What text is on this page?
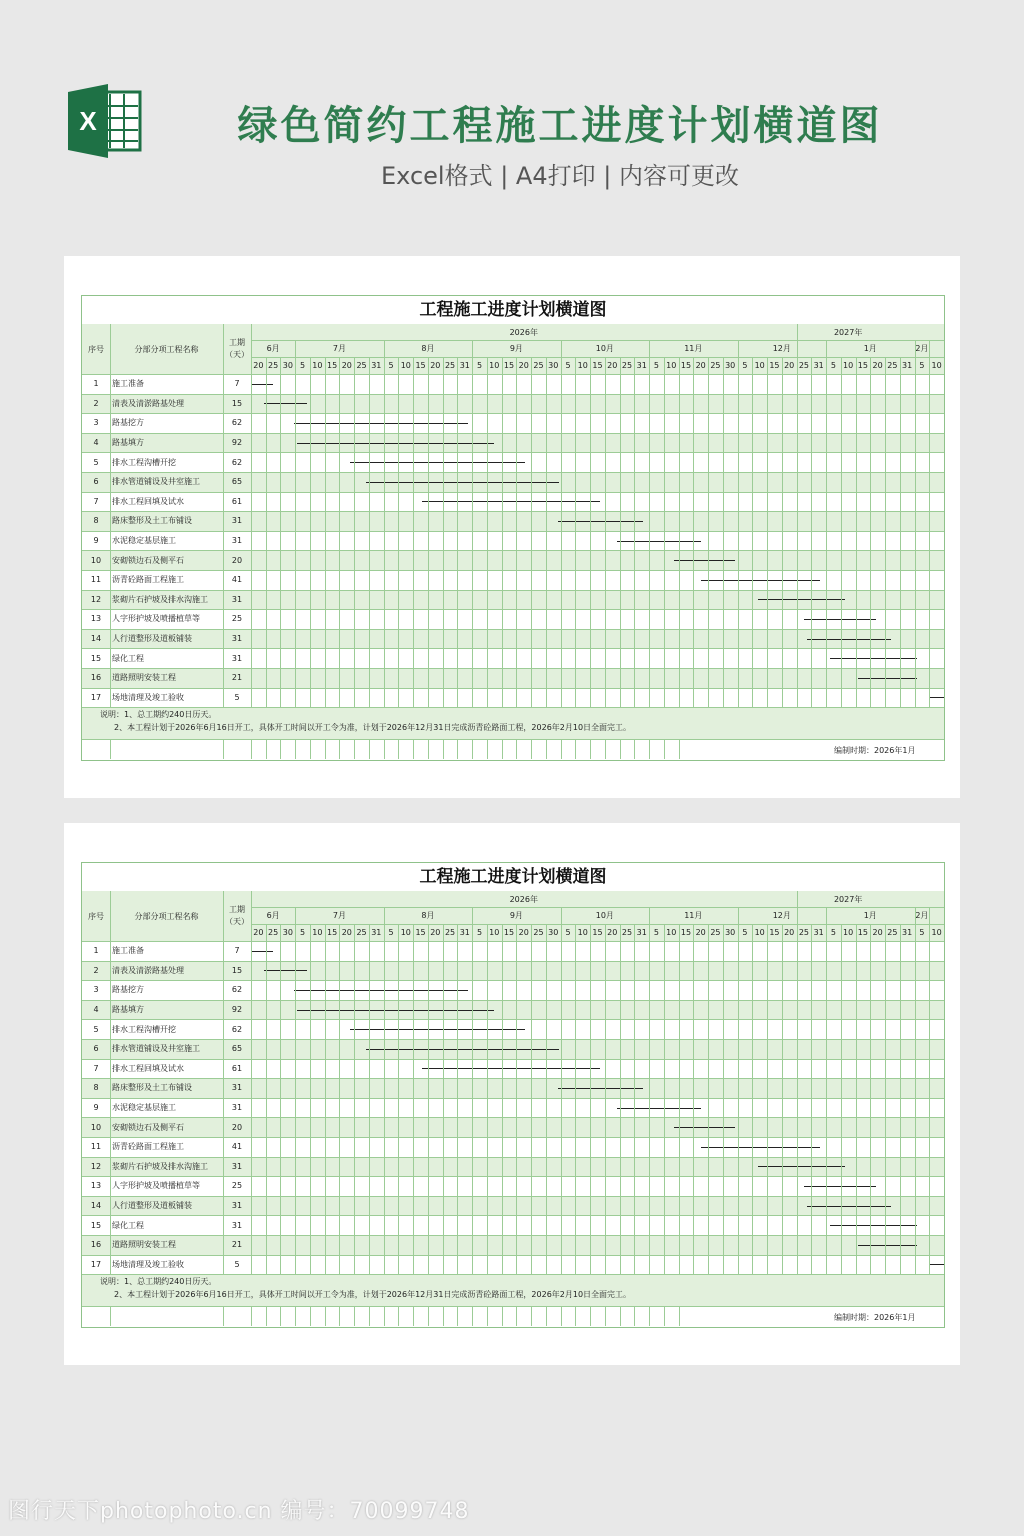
X	绿色简约工程施工进度计划横道图
Excel格式 | A4打印 | 内容可更改
工程施工进度计划横道图
序号	分部分项工程名称
工期（天）
2026年	2027年
6月	7月	8月	9月	10月	11月	12月	1月	2月
20 25 30 5 10 15 20 25 31 5 10 15 20 25 31 5 10 15 20 25 30 5 10 15 20 25 31 5 10 15 20 25 30 5 10 15 20 25 31 5 10 15 20 25 31 5 10
1	施工准备	7
2	清表及清淤路基处理	15
3	路基挖方	62
4	路基填方	92
5	排水工程沟槽开挖	62
6	排水管道铺设及井室施工	65
7	排水工程回填及试水	61
8	路床整形及土工布铺设	31
9	水泥稳定基层施工	31
10	安砌锁边石及侧平石	20
11	沥青砼路面工程施工	41
12	浆砌片石护坡及排水沟施工	31
13	人字形护坡及喷播植草等	25
14	人行道整形及道板铺装	31
15	绿化工程	31
16	道路照明安装工程	21
17	场地清理及竣工验收	5
说明：1、总工期约240日历天。
2、本工程计划于2026年6月16日开工，具体开工时间以开工令为准，计划于2026年12月31日完成沥青砼路面工程，2026年2月10日全面完工。
编制时期：2026年1月
工程施工进度计划横道图
序号	分部分项工程名称
工期（天）
2026年	2027年
6月	7月	8月	9月	10月	11月	12月	1月	2月
20 25 30 5 10 15 20 25 31 5 10 15 20 25 31 5 10 15 20 25 30 5 10 15 20 25 31 5 10 15 20 25 30 5 10 15 20 25 31 5 10 15 20 25 31 5 10
1	施工准备	7
2	清表及清淤路基处理	15
3	路基挖方	62
4	路基填方	92
5	排水工程沟槽开挖	62
6	排水管道铺设及井室施工	65
7	排水工程回填及试水	61
8	路床整形及土工布铺设	31
9	水泥稳定基层施工	31
10	安砌锁边石及侧平石	20
11	沥青砼路面工程施工	41
12	浆砌片石护坡及排水沟施工	31
13	人字形护坡及喷播植草等	25
14	人行道整形及道板铺装	31
15	绿化工程	31
16	道路照明安装工程	21
17	场地清理及竣工验收	5
说明：1、总工期约240日历天。
2、本工程计划于2026年6月16日开工，具体开工时间以开工令为准，计划于2026年12月31日完成沥青砼路面工程，2026年2月10日全面完工。
编制时期：2026年1月
图行天下photophoto.cn 编号：70099748
